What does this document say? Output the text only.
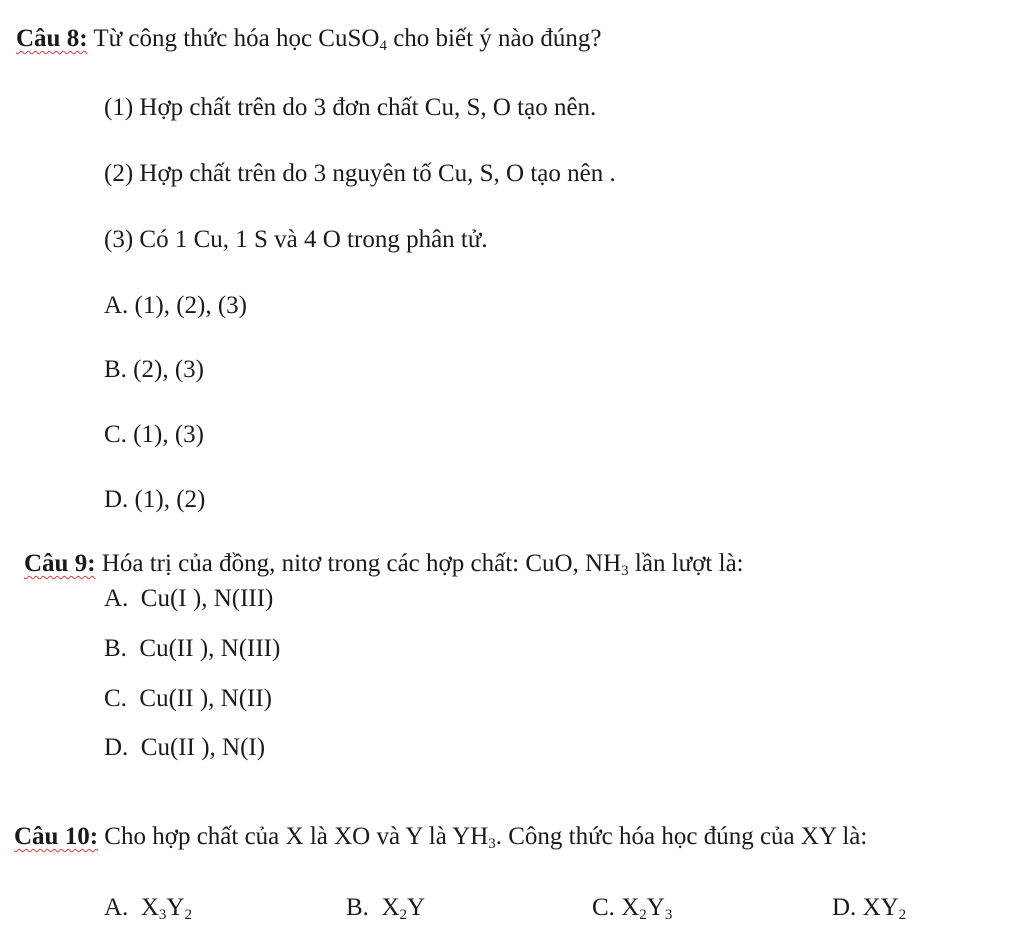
Câu 8: Từ công thức hóa học CuSO$_4$ cho biết ý nào đúng?
(1) Hợp chất trên do 3 đơn chất Cu, S, O tạo nên.
(2) Hợp chất trên do 3 nguyên tố Cu, S, O tạo nên .
(3) Có 1 Cu, 1 S và 4 O trong phân tử.
A. (1), (2), (3)
B. (2), (3)
C. (1), (3)
D. (1), (2)
Câu 9: Hóa trị của đồng, nitơ trong các hợp chất: CuO, $NH_3$ lần lượt là:
A.  Cu(I ), N(III)
B.  Cu(II ), N(III)
C.  Cu(II ), N(II)
D.  Cu(II ), N(I)
Câu 10: Cho hợp chất của X là XO và Y là $YH_3$. Công thức hóa học đúng của XY là:
A. $X_3Y_2$	B. $X_2Y$	C. $X_2Y_3$	D. $XY_2$
